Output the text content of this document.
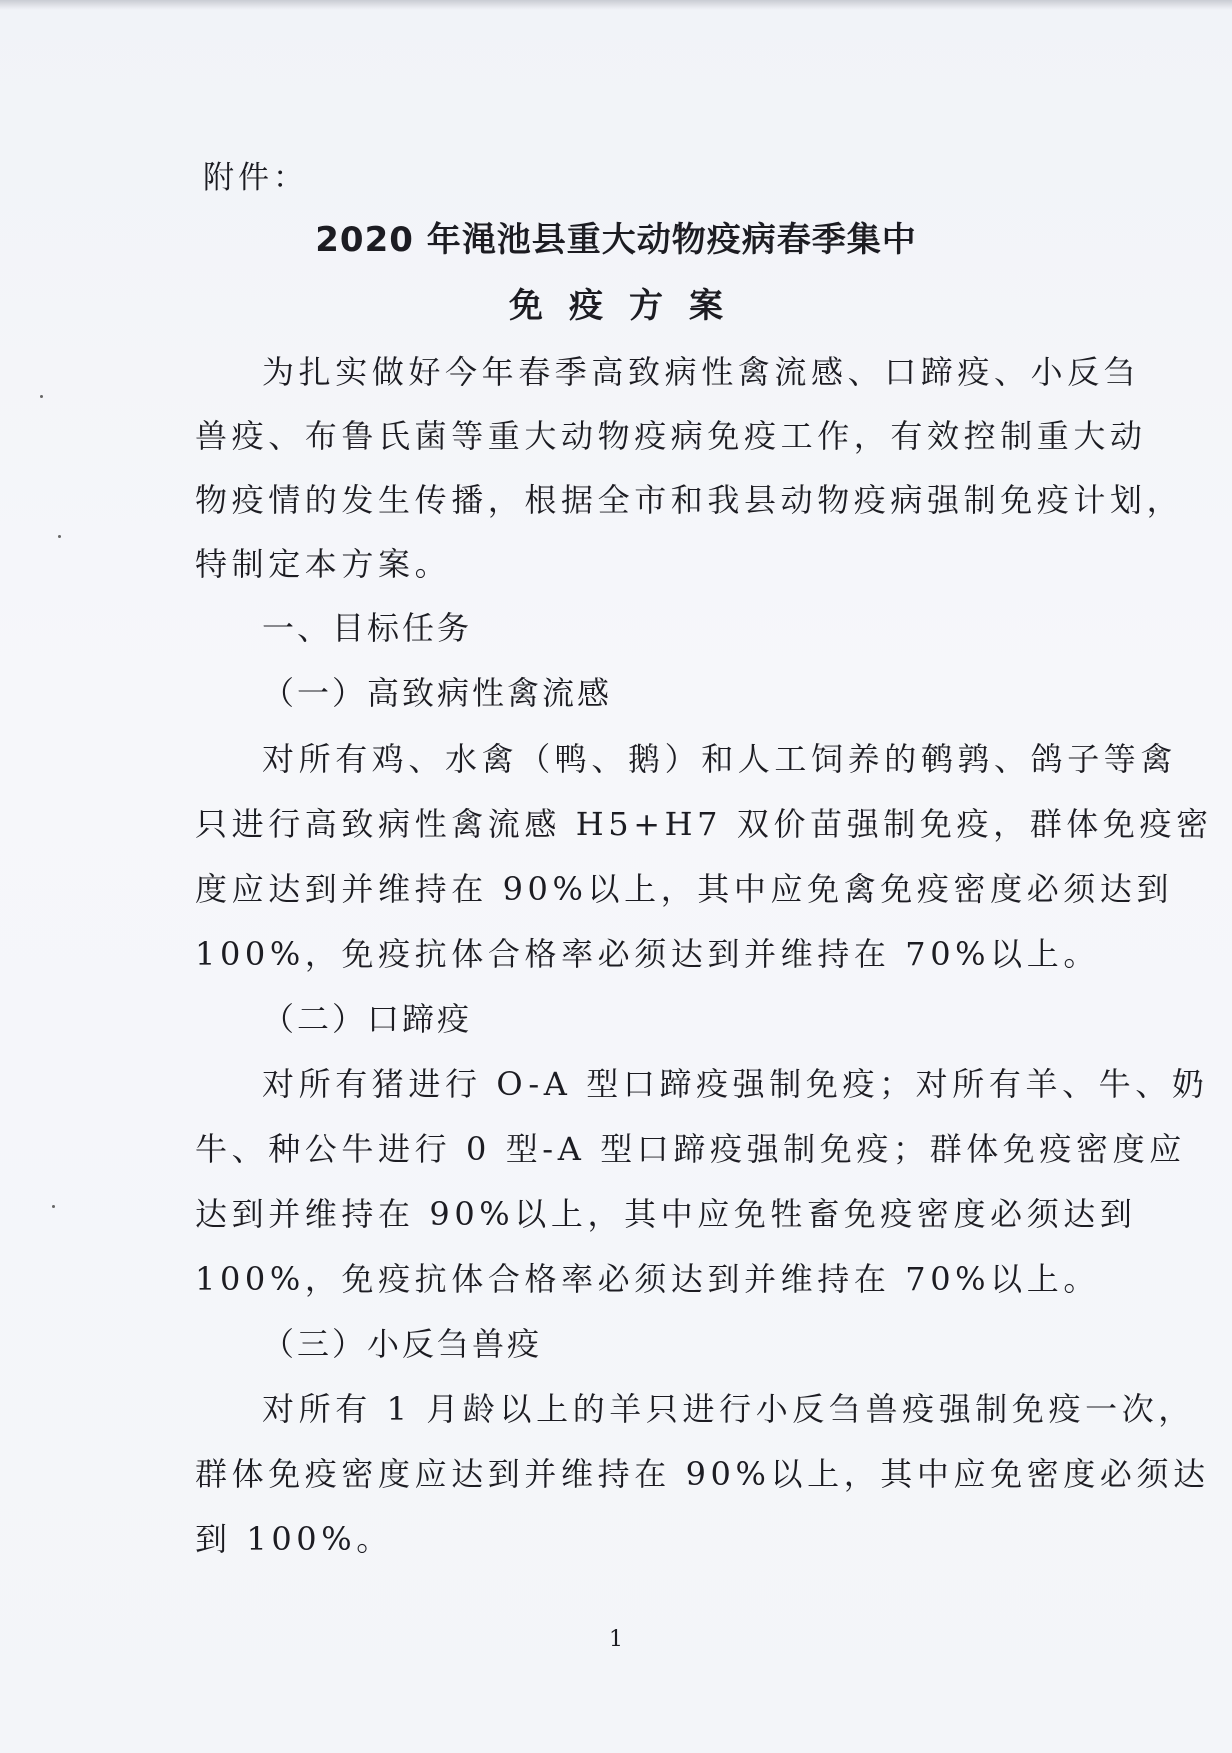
附件：
2020 年渑池县重大动物疫病春季集中
免疫方案
为扎实做好今年春季高致病性禽流感、口蹄疫、小反刍
兽疫、布鲁氏菌等重大动物疫病免疫工作，有效控制重大动
物疫情的发生传播，根据全市和我县动物疫病强制免疫计划，
特制定本方案。
一、目标任务
（一）高致病性禽流感
对所有鸡、水禽（鸭、鹅）和人工饲养的鹌鹑、鸽子等禽
只进行高致病性禽流感 H5+H7 双价苗强制免疫，群体免疫密
度应达到并维持在 90%以上，其中应免禽免疫密度必须达到
100%，免疫抗体合格率必须达到并维持在 70%以上。
（二）口蹄疫
对所有猪进行 O-A 型口蹄疫强制免疫；对所有羊、牛、奶
牛、种公牛进行 0 型-A 型口蹄疫强制免疫；群体免疫密度应
达到并维持在 90%以上，其中应免牲畜免疫密度必须达到
100%，免疫抗体合格率必须达到并维持在 70%以上。
（三）小反刍兽疫
对所有 1 月龄以上的羊只进行小反刍兽疫强制免疫一次，
群体免疫密度应达到并维持在 90%以上，其中应免密度必须达
到 100%。
1
